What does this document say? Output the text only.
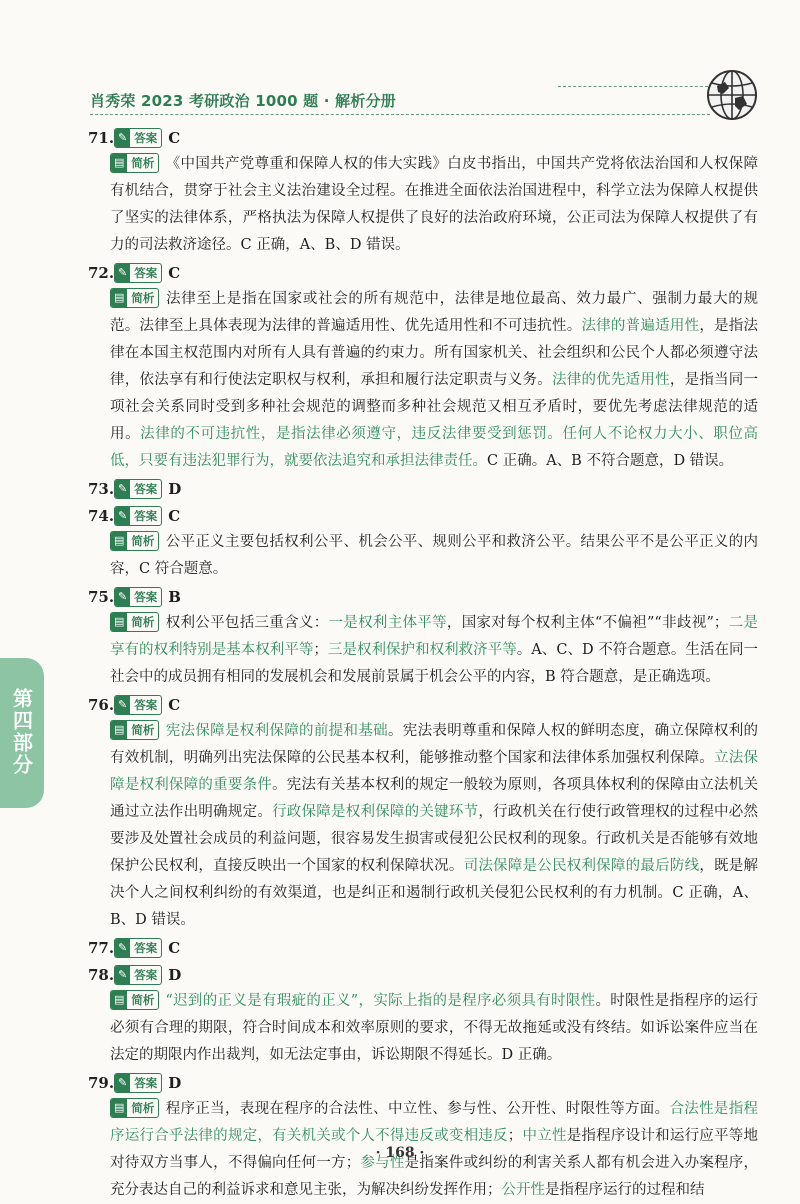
肖秀荣 2023 考研政治 1000 题 · 解析分册
第四部分
71. ✎ 答案 C
▤ 简析 《中国共产党尊重和保障人权的伟大实践》白皮书指出，中国共产党将依法治国和人权保障有机结合，贯穿于社会主义法治建设全过程。在推进全面依法治国进程中，科学立法为保障人权提供了坚实的法律体系，严格执法为保障人权提供了良好的法治政府环境，公正司法为保障人权提供了有力的司法救济途径。C 正确，A、B、D 错误。
72. ✎ 答案 C
▤ 简析 法律至上是指在国家或社会的所有规范中，法律是地位最高、效力最广、强制力最大的规范。法律至上具体表现为法律的普遍适用性、优先适用性和不可违抗性。法律的普遍适用性，是指法律在本国主权范围内对所有人具有普遍的约束力。所有国家机关、社会组织和公民个人都必须遵守法律，依法享有和行使法定职权与权利，承担和履行法定职责与义务。法律的优先适用性，是指当同一项社会关系同时受到多种社会规范的调整而多种社会规范又相互矛盾时，要优先考虑法律规范的适用。法律的不可违抗性，是指法律必须遵守，违反法律要受到惩罚。任何人不论权力大小、职位高低，只要有违法犯罪行为，就要依法追究和承担法律责任。C 正确。A、B 不符合题意，D 错误。
73. ✎ 答案 D
74. ✎ 答案 C
▤ 简析 公平正义主要包括权利公平、机会公平、规则公平和救济公平。结果公平不是公平正义的内容，C 符合题意。
75. ✎ 答案 B
▤ 简析 权利公平包括三重含义：一是权利主体平等，国家对每个权利主体“不偏袒”“非歧视”；二是享有的权利特别是基本权利平等；三是权利保护和权利救济平等。A、C、D 不符合题意。生活在同一社会中的成员拥有相同的发展机会和发展前景属于机会公平的内容，B 符合题意，是正确选项。
76. ✎ 答案 C
▤ 简析 宪法保障是权利保障的前提和基础。宪法表明尊重和保障人权的鲜明态度，确立保障权利的有效机制，明确列出宪法保障的公民基本权利，能够推动整个国家和法律体系加强权利保障。立法保障是权利保障的重要条件。宪法有关基本权利的规定一般较为原则，各项具体权利的保障由立法机关通过立法作出明确规定。行政保障是权利保障的关键环节，行政机关在行使行政管理权的过程中必然要涉及处置社会成员的利益问题，很容易发生损害或侵犯公民权利的现象。行政机关是否能够有效地保护公民权利，直接反映出一个国家的权利保障状况。司法保障是公民权利保障的最后防线，既是解决个人之间权利纠纷的有效渠道，也是纠正和遏制行政机关侵犯公民权利的有力机制。C 正确，A、B、D 错误。
77. ✎ 答案 C
78. ✎ 答案 D
▤ 简析 “迟到的正义是有瑕疵的正义”，实际上指的是程序必须具有时限性。时限性是指程序的运行必须有合理的期限，符合时间成本和效率原则的要求，不得无故拖延或没有终结。如诉讼案件应当在法定的期限内作出裁判，如无法定事由，诉讼期限不得延长。D 正确。
79. ✎ 答案 D
▤ 简析 程序正当，表现在程序的合法性、中立性、参与性、公开性、时限性等方面。合法性是指程序运行合乎法律的规定，有关机关或个人不得违反或变相违反；中立性是指程序设计和运行应平等地对待双方当事人，不得偏向任何一方；参与性是指案件或纠纷的利害关系人都有机会进入办案程序，充分表达自己的利益诉求和意见主张，为解决纠纷发挥作用；公开性是指程序运行的过程和结
· 168 ·
